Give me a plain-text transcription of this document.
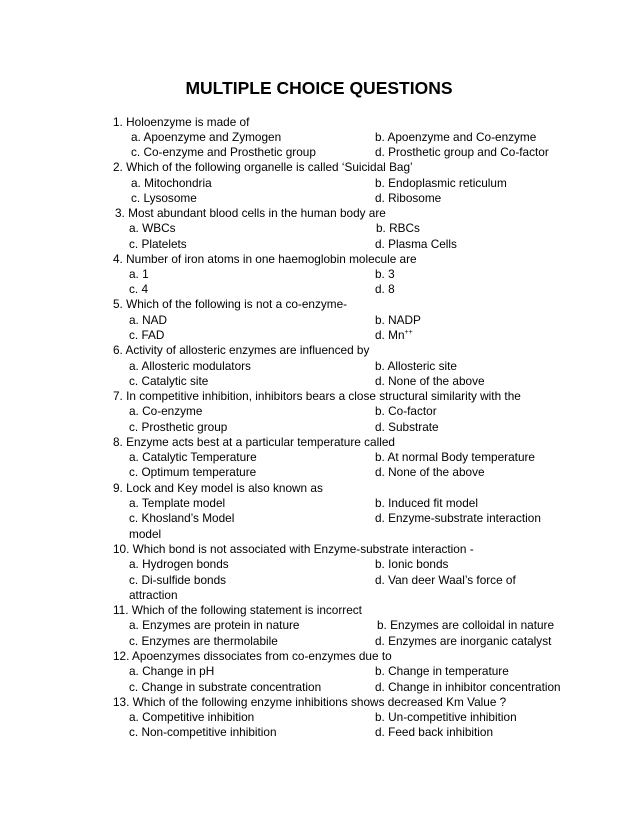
MULTIPLE CHOICE QUESTIONS
1. Holoenzyme is made of
a. Apoenzyme and Zymogen	b. Apoenzyme and Co-enzyme
c. Co-enzyme and Prosthetic group	d. Prosthetic group and Co-factor
2. Which of the following organelle is called ‘Suicidal Bag’
a. Mitochondria	b. Endoplasmic reticulum
c. Lysosome	d. Ribosome
3. Most abundant blood cells in the human body are
a. WBCs	b. RBCs
c. Platelets	d. Plasma Cells
4. Number of iron atoms in one haemoglobin molecule are
a. 1	b. 3
c. 4	d. 8
5. Which of the following is not a co-enzyme-
a. NAD	b. NADP
c. FAD	d. Mn++
6. Activity of allosteric enzymes are influenced by
a. Allosteric modulators	b. Allosteric site
c. Catalytic site	d. None of the above
7. In competitive inhibition, inhibitors bears a close structural similarity with the
a. Co-enzyme	b. Co-factor
c. Prosthetic group	d. Substrate
8. Enzyme acts best at a particular temperature called
a. Catalytic Temperature	b. At normal Body temperature
c. Optimum temperature	d. None of the above
9. Lock and Key model is also known as
a. Template model	b. Induced fit model
c. Khosland’s Model	d. Enzyme-substrate interaction
model
10. Which bond is not associated with Enzyme-substrate interaction -
a. Hydrogen bonds	b. Ionic bonds
c. Di-sulfide bonds	d. Van deer Waal’s force of
attraction
11. Which of the following statement is incorrect
a. Enzymes are protein in nature	b. Enzymes are colloidal in nature
c. Enzymes are thermolabile	d. Enzymes are inorganic catalyst
12. Apoenzymes dissociates from co-enzymes due to
a. Change in pH	b. Change in temperature
c. Change in substrate concentration	d. Change in inhibitor concentration
13. Which of the following enzyme inhibitions shows decreased Km Value ?
a. Competitive inhibition	b. Un-competitive inhibition
c. Non-competitive inhibition	d. Feed back inhibition
